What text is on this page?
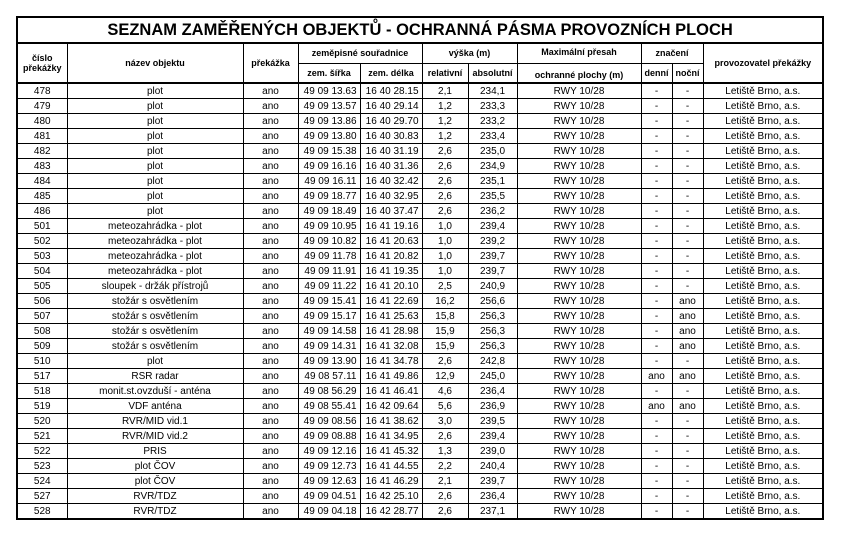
SEZNAM ZAMĚŘENÝCH OBJEKTŮ - OCHRANNÁ PÁSMA PROVOZNÍCH PLOCH										
číslo
překážky	název objektu	překážka	zeměpisné souřadnice		výška (m)		Maximální přesah	značení		provozovatel překážky
			zem. šířka	zem. délka	relativní	absolutní	ochranné plochy (m)	denní	noční	
478	plot	ano	49 09 13.63	16 40 28.15	2,1	234,1	RWY 10/28	-	-	Letiště Brno, a.s.
479	plot	ano	49 09 13.57	16 40 29.14	1,2	233,3	RWY 10/28	-	-	Letiště Brno, a.s.
480	plot	ano	49 09 13.86	16 40 29.70	1,2	233,2	RWY 10/28	-	-	Letiště Brno, a.s.
481	plot	ano	49 09 13.80	16 40 30.83	1,2	233,4	RWY 10/28	-	-	Letiště Brno, a.s.
482	plot	ano	49 09 15.38	16 40 31.19	2,6	235,0	RWY 10/28	-	-	Letiště Brno, a.s.
483	plot	ano	49 09 16.16	16 40 31.36	2,6	234,9	RWY 10/28	-	-	Letiště Brno, a.s.
484	plot	ano	49 09 16.11	16 40 32.42	2,6	235,1	RWY 10/28	-	-	Letiště Brno, a.s.
485	plot	ano	49 09 18.77	16 40 32.95	2,6	235,5	RWY 10/28	-	-	Letiště Brno, a.s.
486	plot	ano	49 09 18.49	16 40 37.47	2,6	236,2	RWY 10/28	-	-	Letiště Brno, a.s.
501	meteozahrádka - plot	ano	49 09 10.95	16 41 19.16	1,0	239,4	RWY 10/28	-	-	Letiště Brno, a.s.
502	meteozahrádka - plot	ano	49 09 10.82	16 41 20.63	1,0	239,2	RWY 10/28	-	-	Letiště Brno, a.s.
503	meteozahrádka - plot	ano	49 09 11.78	16 41 20.82	1,0	239,7	RWY 10/28	-	-	Letiště Brno, a.s.
504	meteozahrádka - plot	ano	49 09 11.91	16 41 19.35	1,0	239,7	RWY 10/28	-	-	Letiště Brno, a.s.
505	sloupek - držák přístrojů	ano	49 09 11.22	16 41 20.10	2,5	240,9	RWY 10/28	-	-	Letiště Brno, a.s.
506	stožár s osvětlením	ano	49 09 15.41	16 41 22.69	16,2	256,6	RWY 10/28	-	ano	Letiště Brno, a.s.
507	stožár s osvětlením	ano	49 09 15.17	16 41 25.63	15,8	256,3	RWY 10/28	-	ano	Letiště Brno, a.s.
508	stožár s osvětlením	ano	49 09 14.58	16 41 28.98	15,9	256,3	RWY 10/28	-	ano	Letiště Brno, a.s.
509	stožár s osvětlením	ano	49 09 14.31	16 41 32.08	15,9	256,3	RWY 10/28	-	ano	Letiště Brno, a.s.
510	plot	ano	49 09 13.90	16 41 34.78	2,6	242,8	RWY 10/28	-	-	Letiště Brno, a.s.
517	RSR radar	ano	49 08 57.11	16 41 49.86	12,9	245,0	RWY 10/28	ano	ano	Letiště Brno, a.s.
518	monit.st.ovzduší - anténa	ano	49 08 56.29	16 41 46.41	4,6	236,4	RWY 10/28	-	-	Letiště Brno, a.s.
519	VDF anténa	ano	49 08 55.41	16 42 09.64	5,6	236,9	RWY 10/28	ano	ano	Letiště Brno, a.s.
520	RVR/MID vid.1	ano	49 09 08.56	16 41 38.62	3,0	239,5	RWY 10/28	-	-	Letiště Brno, a.s.
521	RVR/MID vid.2	ano	49 09 08.88	16 41 34.95	2,6	239,4	RWY 10/28	-	-	Letiště Brno, a.s.
522	PRIS	ano	49 09 12.16	16 41 45.32	1,3	239,0	RWY 10/28	-	-	Letiště Brno, a.s.
523	plot ČOV	ano	49 09 12.73	16 41 44.55	2,2	240,4	RWY 10/28	-	-	Letiště Brno, a.s.
524	plot ČOV	ano	49 09 12.63	16 41 46.29	2,1	239,7	RWY 10/28	-	-	Letiště Brno, a.s.
527	RVR/TDZ	ano	49 09 04.51	16 42 25.10	2,6	236,4	RWY 10/28	-	-	Letiště Brno, a.s.
528	RVR/TDZ	ano	49 09 04.18	16 42 28.77	2,6	237,1	RWY 10/28	-	-	Letiště Brno, a.s.
